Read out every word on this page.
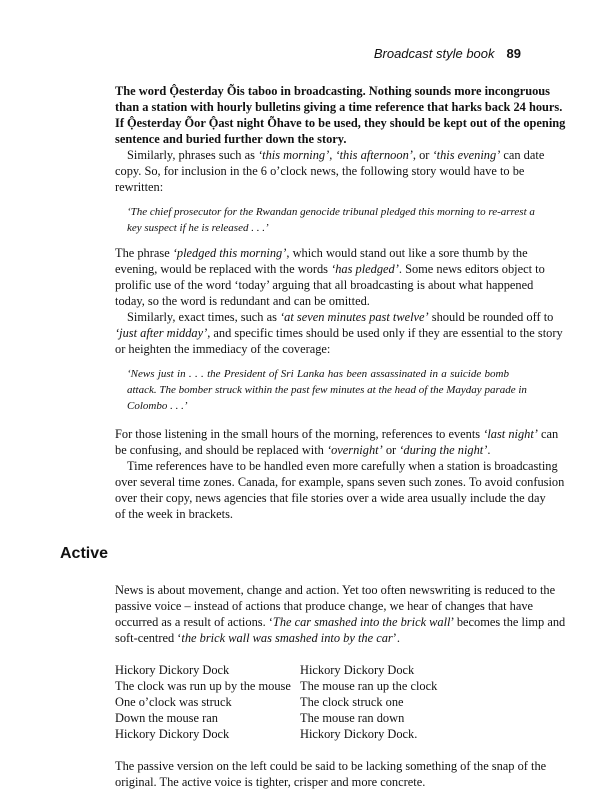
Broadcast style book 89
The word Ộesterday Õis taboo in broadcasting. Nothing sounds more incongruous
than a station with hourly bulletins giving a time reference that harks back 24 hours.
If Ộesterday Õor Ộast night Õhave to be used, they should be kept out of the opening
sentence and buried further down the story.
Similarly, phrases such as ‘this morning’, ‘this afternoon’, or ‘this evening’ can date
copy. So, for inclusion in the 6 o’clock news, the following story would have to be
rewritten:
‘The chief prosecutor for the Rwandan genocide tribunal pledged this morning to re-arrest a
key suspect if he is released . . .’
The phrase ‘pledged this morning’, which would stand out like a sore thumb by the
evening, would be replaced with the words ‘has pledged’. Some news editors object to
prolific use of the word ‘today’ arguing that all broadcasting is about what happened
today, so the word is redundant and can be omitted.
Similarly, exact times, such as ‘at seven minutes past twelve’ should be rounded off to
‘just after midday’, and specific times should be used only if they are essential to the story
or heighten the immediacy of the coverage:
‘News just in . . . the President of Sri Lanka has been assassinated in a suicide bomb
attack. The bomber struck within the past few minutes at the head of the Mayday parade in
Colombo . . .’
For those listening in the small hours of the morning, references to events ‘last night’ can
be confusing, and should be replaced with ‘overnight’ or ‘during the night’.
Time references have to be handled even more carefully when a station is broadcasting
over several time zones. Canada, for example, spans seven such zones. To avoid confusion
over their copy, news agencies that file stories over a wide area usually include the day
of the week in brackets.
News is about movement, change and action. Yet too often newswriting is reduced to the
passive voice – instead of actions that produce change, we hear of changes that have
occurred as a result of actions. ‘The car smashed into the brick wall’ becomes the limp and
soft-centred ‘the brick wall was smashed into by the car’.
Hickory Dickory Dock
The clock was run up by the mouse
One o’clock was struck
Down the mouse ran
Hickory Dickory Dock
Hickory Dickory Dock
The mouse ran up the clock
The clock struck one
The mouse ran down
Hickory Dickory Dock.
The passive version on the left could be said to be lacking something of the snap of the
original. The active voice is tighter, crisper and more concrete.
Active
